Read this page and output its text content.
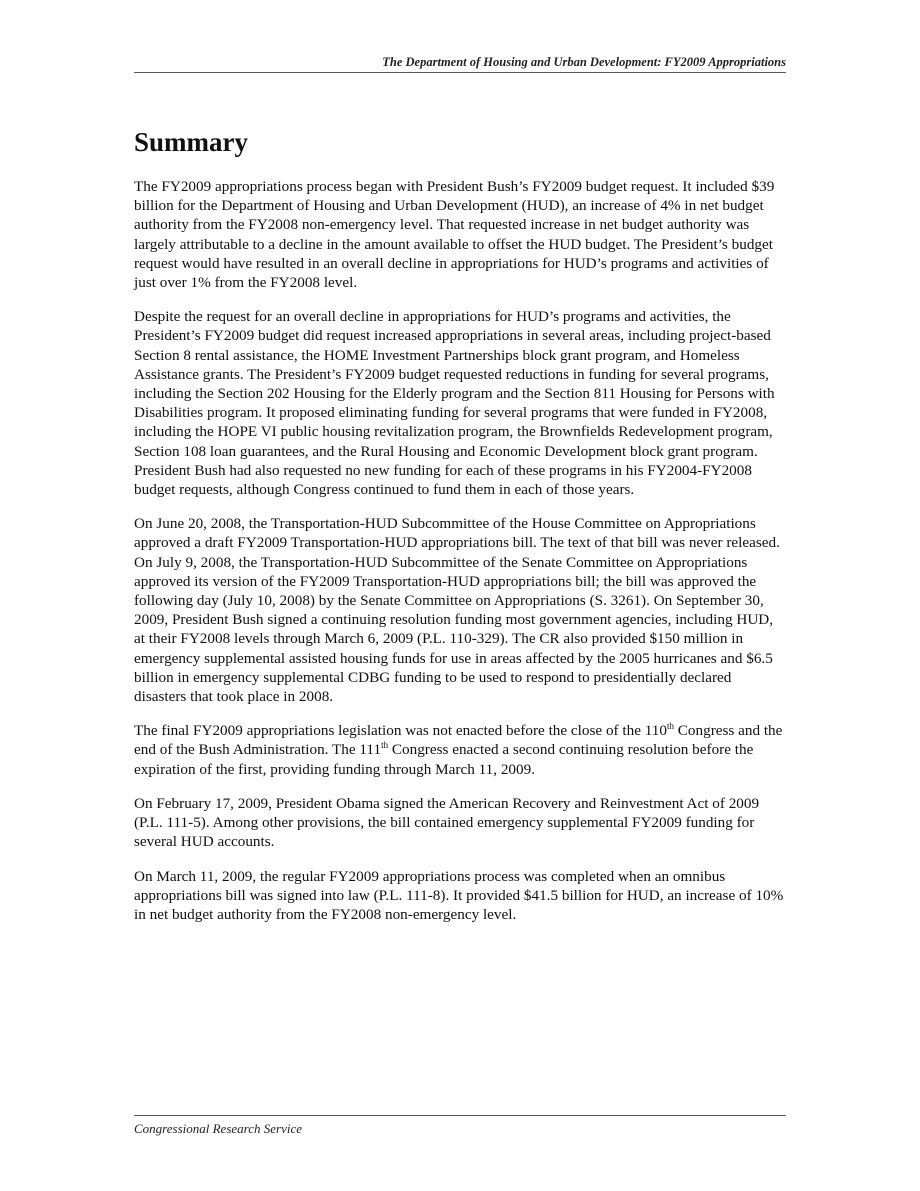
The Department of Housing and Urban Development: FY2009 Appropriations
Summary

The FY2009 appropriations process began with President Bush’s FY2009 budget request. It included $39 billion for the Department of Housing and Urban Development (HUD), an increase of 4% in net budget authority from the FY2008 non-emergency level. That requested increase in net budget authority was largely attributable to a decline in the amount available to offset the HUD budget. The President’s budget request would have resulted in an overall decline in appropriations for HUD’s programs and activities of just over 1% from the FY2008 level.

Despite the request for an overall decline in appropriations for HUD’s programs and activities, the President’s FY2009 budget did request increased appropriations in several areas, including project-based Section 8 rental assistance, the HOME Investment Partnerships block grant program, and Homeless Assistance grants. The President’s FY2009 budget requested reductions in funding for several programs, including the Section 202 Housing for the Elderly program and the Section 811 Housing for Persons with Disabilities program. It proposed eliminating funding for several programs that were funded in FY2008, including the HOPE VI public housing revitalization program, the Brownfields Redevelopment program, Section 108 loan guarantees, and the Rural Housing and Economic Development block grant program. President Bush had also requested no new funding for each of these programs in his FY2004-FY2008 budget requests, although Congress continued to fund them in each of those years.

On June 20, 2008, the Transportation-HUD Subcommittee of the House Committee on Appropriations approved a draft FY2009 Transportation-HUD appropriations bill. The text of that bill was never released. On July 9, 2008, the Transportation-HUD Subcommittee of the Senate Committee on Appropriations approved its version of the FY2009 Transportation-HUD appropriations bill; the bill was approved the following day (July 10, 2008) by the Senate Committee on Appropriations (S. 3261). On September 30, 2009, President Bush signed a continuing resolution funding most government agencies, including HUD, at their FY2008 levels through March 6, 2009 (P.L. 110-329). The CR also provided $150 million in emergency supplemental assisted housing funds for use in areas affected by the 2005 hurricanes and $6.5 billion in emergency supplemental CDBG funding to be used to respond to presidentially declared disasters that took place in 2008.

The final FY2009 appropriations legislation was not enacted before the close of the 110th Congress and the end of the Bush Administration. The 111th Congress enacted a second continuing resolution before the expiration of the first, providing funding through March 11, 2009.

On February 17, 2009, President Obama signed the American Recovery and Reinvestment Act of 2009 (P.L. 111-5). Among other provisions, the bill contained emergency supplemental FY2009 funding for several HUD accounts.

On March 11, 2009, the regular FY2009 appropriations process was completed when an omnibus appropriations bill was signed into law (P.L. 111-8). It provided $41.5 billion for HUD, an increase of 10% in net budget authority from the FY2008 non-emergency level.

Congressional Research Service
